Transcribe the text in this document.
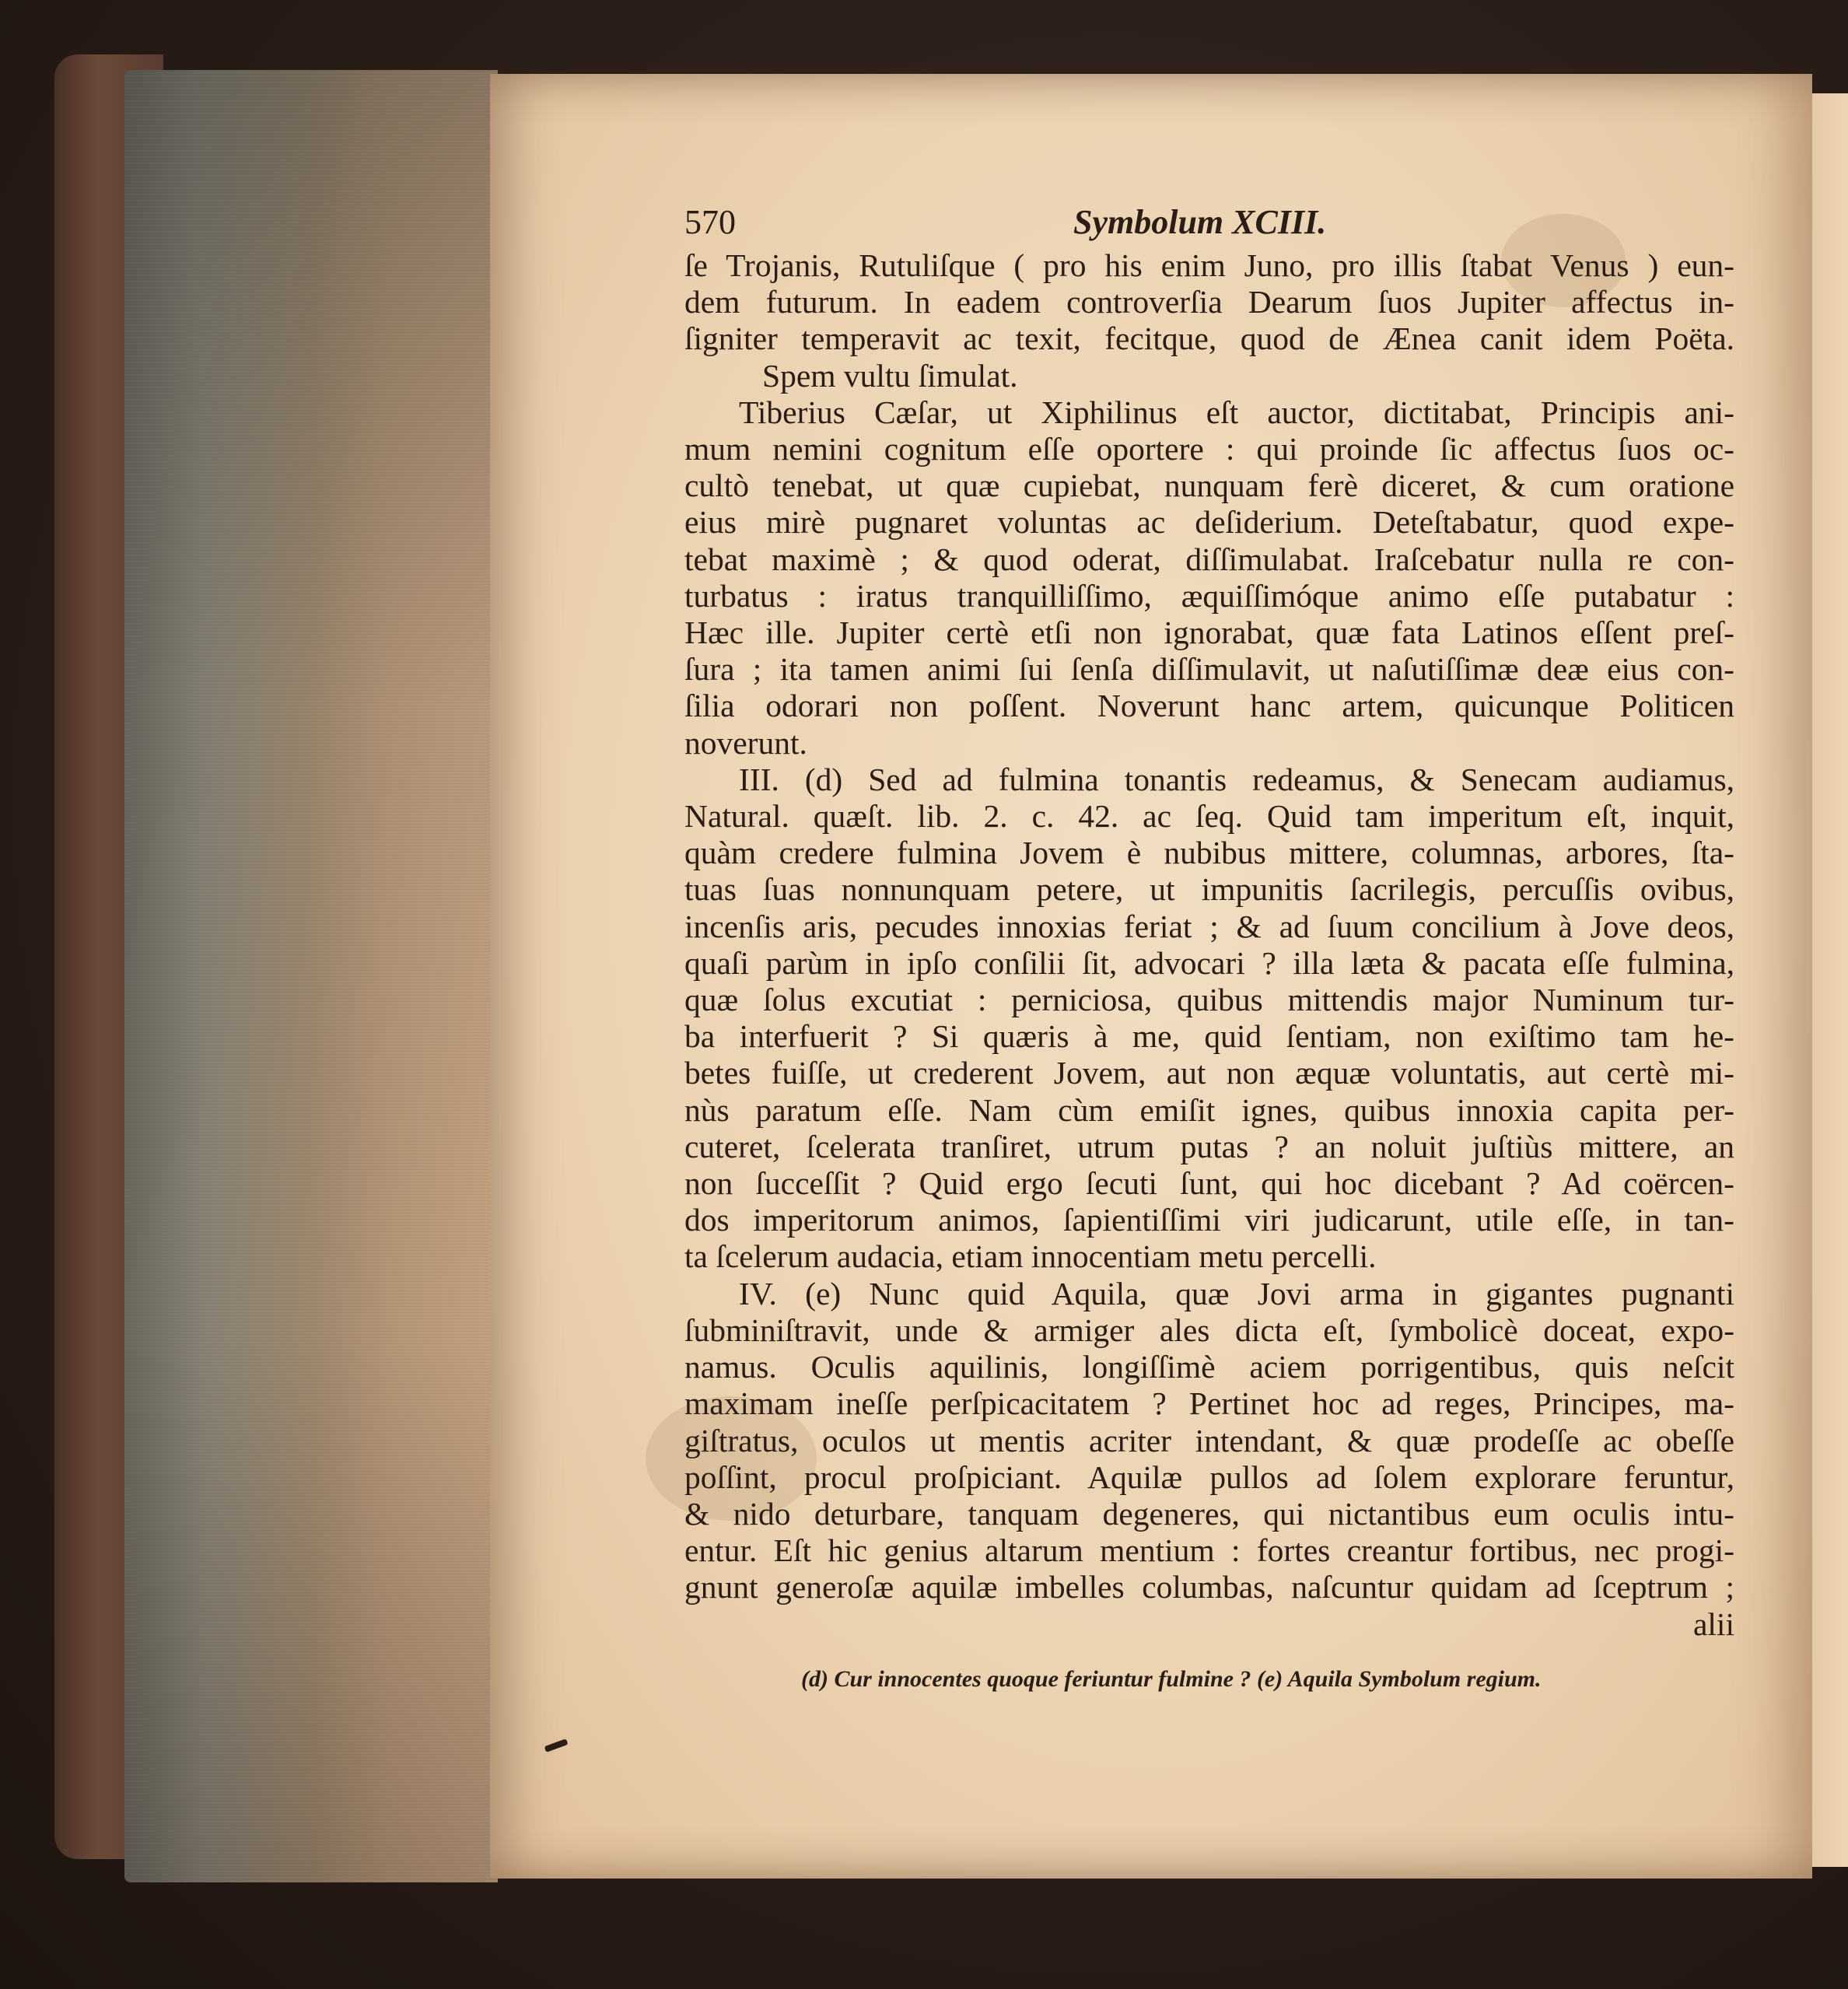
570	Symbolum XCIII.
ſe Trojanis, Rutuliſque ( pro his enim Juno, pro illis ſtabat Venus ) eun-
dem futurum. In eadem controverſia Dearum ſuos Jupiter affectus in-
ſigniter temperavit ac texit, fecitque, quod de Ænea canit idem Poëta.
Spem vultu ſimulat.
Tiberius Cæſar, ut Xiphilinus eſt auctor, dictitabat, Principis ani-
mum nemini cognitum eſſe oportere : qui proinde ſic affectus ſuos oc-
cultò tenebat, ut quæ cupiebat, nunquam ferè diceret, & cum oratione
eius mirè pugnaret voluntas ac deſiderium. Deteſtabatur, quod expe-
tebat maximè ; & quod oderat, diſſimulabat. Iraſcebatur nulla re con-
turbatus : iratus tranquilliſſimo, æquiſſimóque animo eſſe putabatur :
Hæc ille. Jupiter certè etſi non ignorabat, quæ fata Latinos eſſent preſ-
ſura ; ita tamen animi ſui ſenſa diſſimulavit, ut naſutiſſimæ deæ eius con-
ſilia odorari non poſſent. Noverunt hanc artem, quicunque Politicen
noverunt.
III. (d) Sed ad fulmina tonantis redeamus, & Senecam audiamus,
Natural. quæſt. lib. 2. c. 42. ac ſeq. Quid tam imperitum eſt, inquit,
quàm credere fulmina Jovem è nubibus mittere, columnas, arbores, ſta-
tuas ſuas nonnunquam petere, ut impunitis ſacrilegis, percuſſis ovibus,
incenſis aris, pecudes innoxias feriat ; & ad ſuum concilium à Jove deos,
quaſi parùm in ipſo conſilii ſit, advocari ? illa læta & pacata eſſe fulmina,
quæ ſolus excutiat : perniciosa, quibus mittendis major Numinum tur-
ba interfuerit ? Si quæris à me, quid ſentiam, non exiſtimo tam he-
betes fuiſſe, ut crederent Jovem, aut non æquæ voluntatis, aut certè mi-
nùs paratum eſſe. Nam cùm emiſit ignes, quibus innoxia capita per-
cuteret, ſcelerata tranſiret, utrum putas ? an noluit juſtiùs mittere, an
non ſucceſſit ? Quid ergo ſecuti ſunt, qui hoc dicebant ? Ad coërcen-
dos imperitorum animos, ſapientiſſimi viri judicarunt, utile eſſe, in tan-
ta ſcelerum audacia, etiam innocentiam metu percelli.
IV. (e) Nunc quid Aquila, quæ Jovi arma in gigantes pugnanti
ſubminiſtravit, unde & armiger ales dicta eſt, ſymbolicè doceat, expo-
namus. Oculis aquilinis, longiſſimè aciem porrigentibus, quis neſcit
maximam ineſſe perſpicacitatem ? Pertinet hoc ad reges, Principes, ma-
giſtratus, oculos ut mentis acriter intendant, & quæ prodeſſe ac obeſſe
poſſint, procul proſpiciant. Aquilæ pullos ad ſolem explorare feruntur,
& nido deturbare, tanquam degeneres, qui nictantibus eum oculis intu-
entur. Eſt hic genius altarum mentium : fortes creantur fortibus, nec progi-
gnunt generoſæ aquilæ imbelles columbas, naſcuntur quidam ad ſceptrum ;
alii
(d) Cur innocentes quoque feriuntur fulmine ? (e) Aquila Symbolum regium.
